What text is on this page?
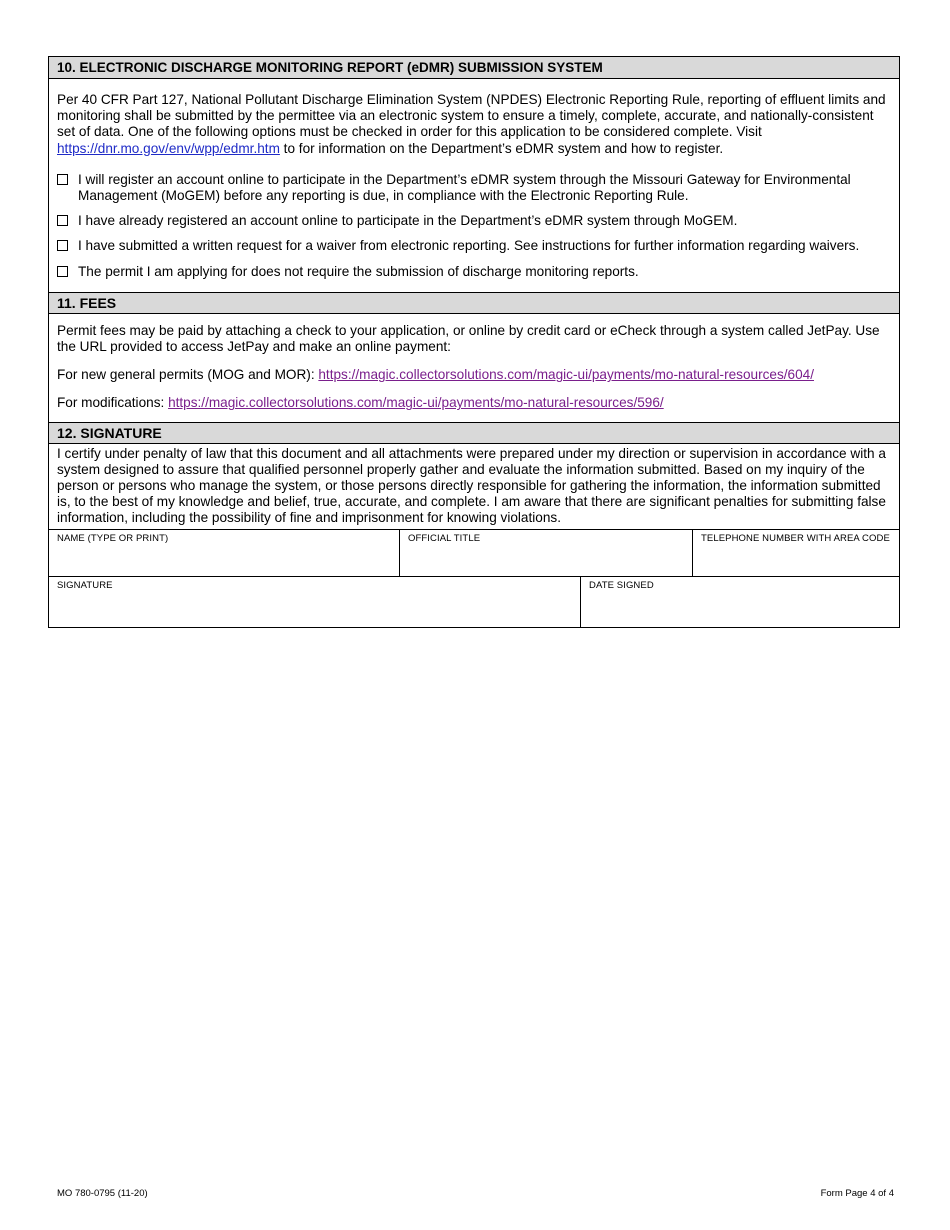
10. ELECTRONIC DISCHARGE MONITORING REPORT (eDMR) SUBMISSION SYSTEM

Per 40 CFR Part 127, National Pollutant Discharge Elimination System (NPDES) Electronic Reporting Rule, reporting of effluent limits and monitoring shall be submitted by the permittee via an electronic system to ensure a timely, complete, accurate, and nationally-consistent set of data. One of the following options must be checked in order for this application to be considered complete. Visit https://dnr.mo.gov/env/wpp/edmr.htm to for information on the Department’s eDMR system and how to register.

I will register an account online to participate in the Department’s eDMR system through the Missouri Gateway for Environmental Management (MoGEM) before any reporting is due, in compliance with the Electronic Reporting Rule.
I have already registered an account online to participate in the Department’s eDMR system through MoGEM.
I have submitted a written request for a waiver from electronic reporting. See instructions for further information regarding waivers.
The permit I am applying for does not require the submission of discharge monitoring reports.
11. FEES

Permit fees may be paid by attaching a check to your application, or online by credit card or eCheck through a system called JetPay. Use the URL provided to access JetPay and make an online payment:

For new general permits (MOG and MOR): https://magic.collectorsolutions.com/magic-ui/payments/mo-natural-resources/604/

For modifications: https://magic.collectorsolutions.com/magic-ui/payments/mo-natural-resources/596/

12. SIGNATURE
I certify under penalty of law that this document and all attachments were prepared under my direction or supervision in accordance with a system designed to assure that qualified personnel properly gather and evaluate the information submitted. Based on my inquiry of the person or persons who manage the system, or those persons directly responsible for gathering the information, the information submitted is, to the best of my knowledge and belief, true, accurate, and complete. I am aware that there are significant penalties for submitting false information, including the possibility of fine and imprisonment for knowing violations.
NAME (TYPE OR PRINT)	OFFICIAL TITLE	TELEPHONE NUMBER WITH AREA CODE
SIGNATURE	DATE SIGNED
MO 780-0795 (11-20)	Form Page 4 of 4
